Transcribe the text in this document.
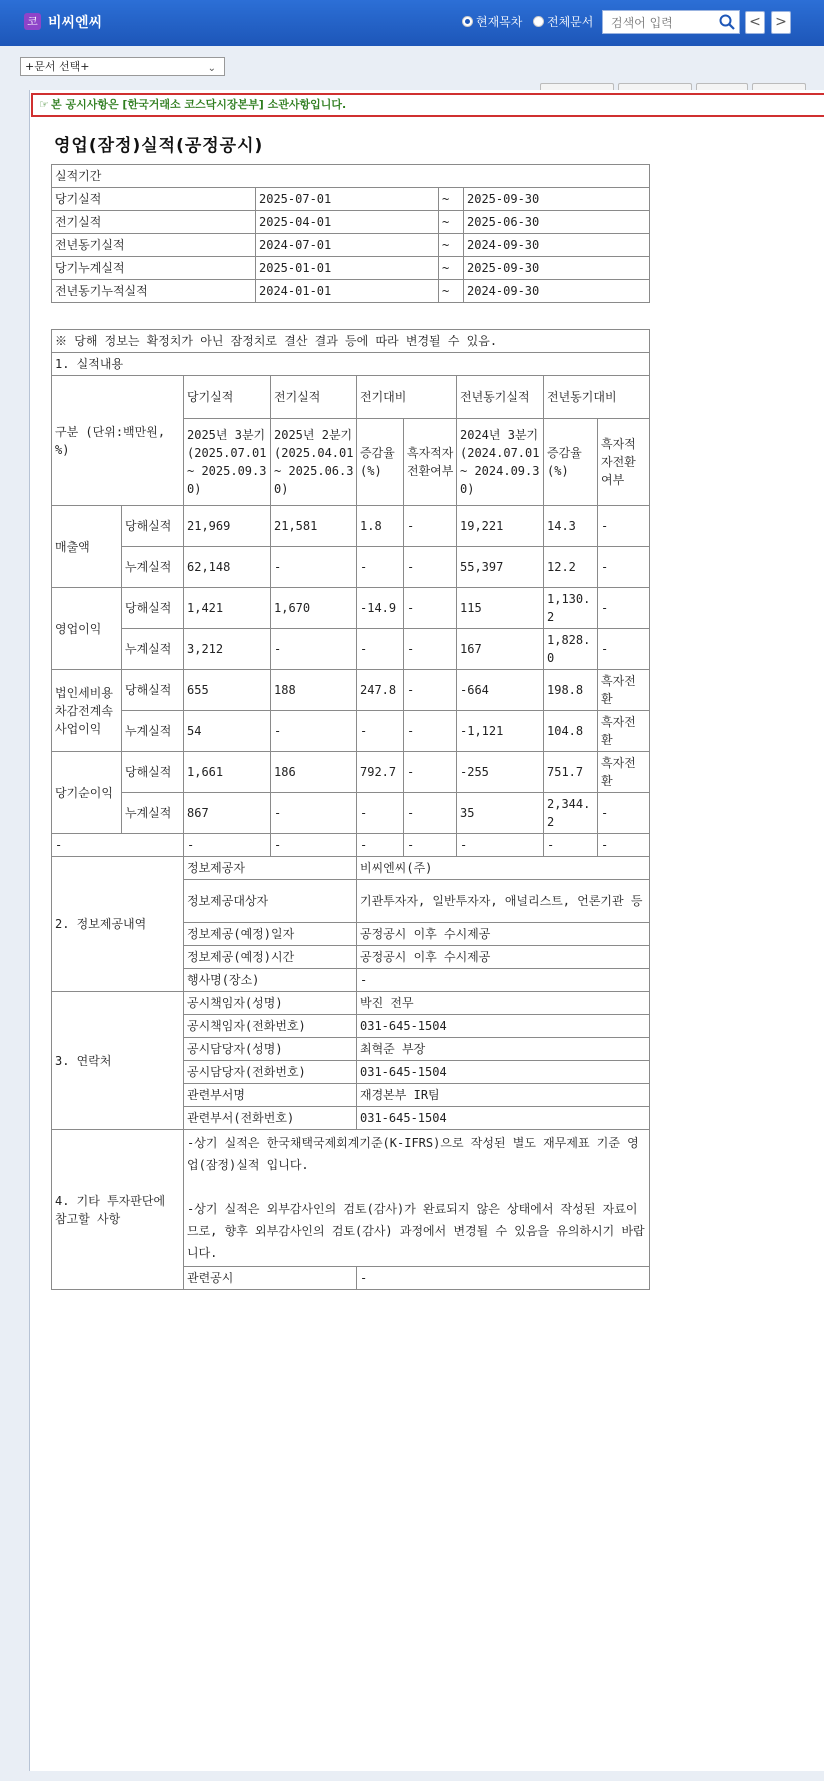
코 비씨엔씨	현재목차 전체문서
검색어 입력	< >
+문서 선택+	⌄
☞ 본 공시사항은 [한국거래소 코스닥시장본부] 소관사항입니다.
영업(잠정)실적(공정공시)
실적기간			
당기실적	2025-07-01	~	2025-09-30
전기실적	2025-04-01	~	2025-06-30
전년동기실적	2024-07-01	~	2024-09-30
당기누계실적	2025-01-01	~	2025-09-30
전년동기누적실적	2024-01-01	~	2024-09-30
※ 당해 정보는 확정치가 아닌 잠정치로 결산 결과 등에 따라 변경될 수 있음.								
1. 실적내용								
구분 (단위:백만원, %)		당기실적	전기실적	전기대비		전년동기실적	전년동기대비	
		2025년 3분기 (2025.07.01~ 2025.09.30)	2025년 2분기 (2025.04.01~ 2025.06.30)	증감율 (%)	흑자적자전환여부	2024년 3분기 (2024.07.01~ 2024.09.30)	증감율 (%)	흑자적자전환여부
매출액	당해실적	21,969	21,581	1.8	-	19,221	14.3	-
	누계실적	62,148	-	-	-	55,397	12.2	-
영업이익	당해실적	1,421	1,670	-14.9	-	115	1,130.2	-
	누계실적	3,212	-	-	-	167	1,828.0	-
법인세비용차감전계속사업이익	당해실적	655	188	247.8	-	-664	198.8	흑자전환
	누계실적	54	-	-	-	-1,121	104.8	흑자전환
당기순이익	당해실적	1,661	186	792.7	-	-255	751.7	흑자전환
	누계실적	867	-	-	-	35	2,344.2	-
-		-	-	-	-	-	-	-
2. 정보제공내역		정보제공자		비씨엔씨(주)				
		정보제공대상자		기관투자자, 일반투자자, 애널리스트, 언론기관 등				
		정보제공(예정)일자		공정공시 이후 수시제공				
		정보제공(예정)시간		공정공시 이후 수시제공				
		행사명(장소)		-				
3. 연락처		공시책임자(성명)		박진 전무				
		공시책임자(전화번호)		031-645-1504				
		공시담당자(성명)		최혁준 부장				
		공시담당자(전화번호)		031-645-1504				
		관련부서명		재경본부 IR팀				
		관련부서(전화번호)		031-645-1504				
4. 기타 투자판단에 참고할 사항		-상기 실적은 한국채택국제회계기준(K-IFRS)으로 작성된 별도 재무제표 기준 영업(잠정)실적 입니다.
-상기 실적은 외부감사인의 검토(감사)가 완료되지 않은 상태에서 작성된 자료이므로, 향후 외부감사인의 검토(감사) 과정에서 변경될 수 있음을 유의하시기 바랍니다.						

		관련공시		-				
